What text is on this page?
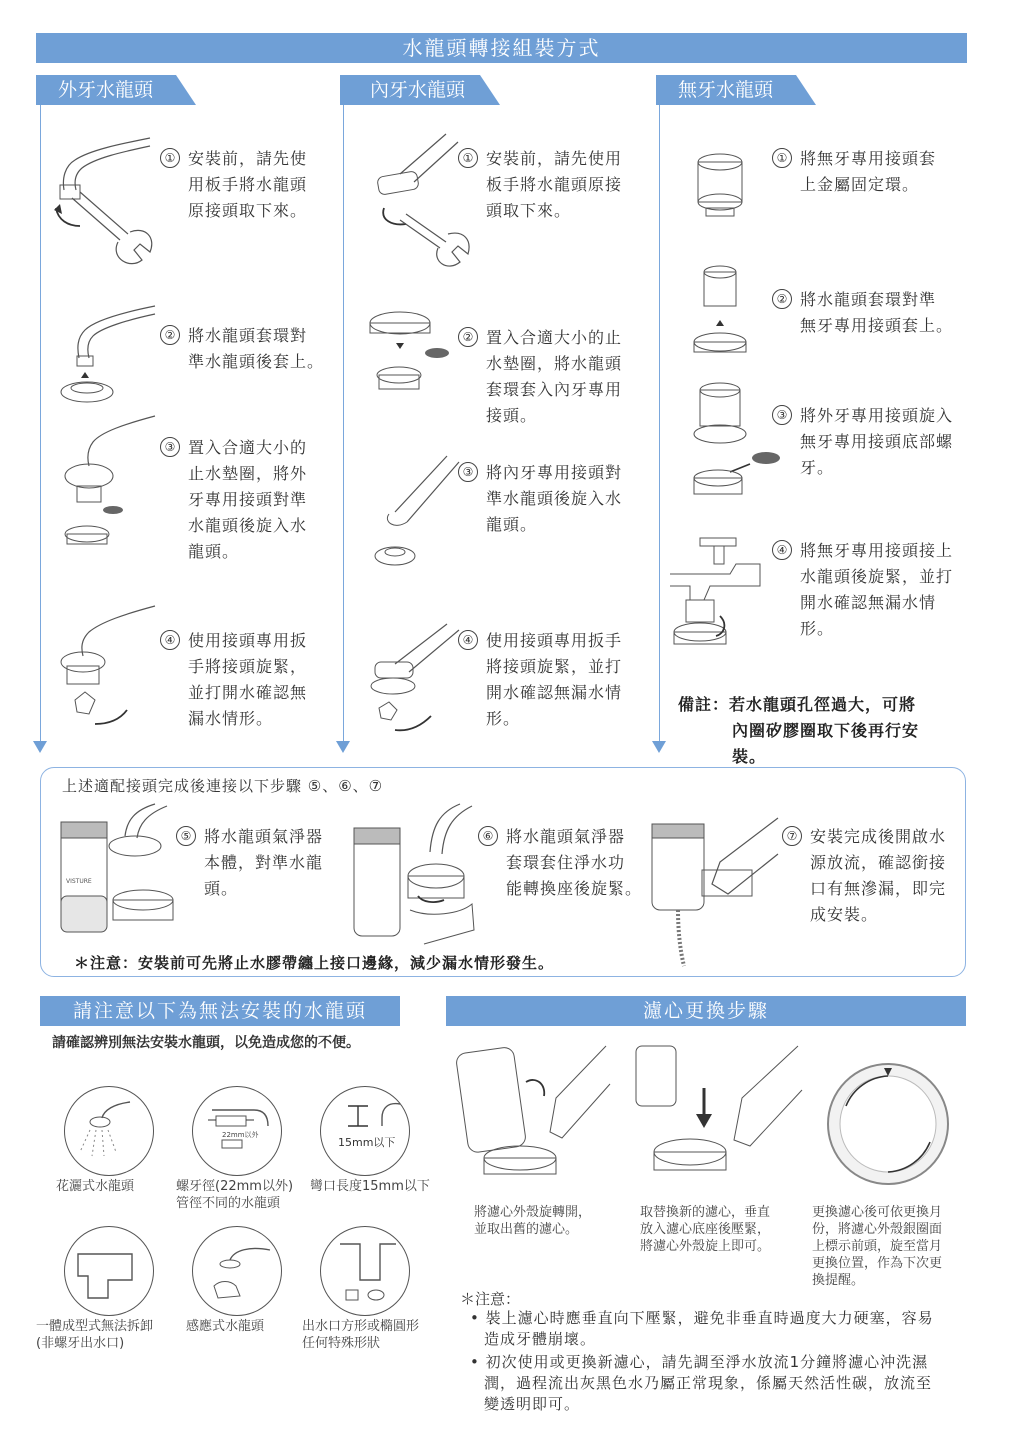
水龍頭轉接組裝方式
外牙水龍頭	內牙水龍頭	無牙水龍頭
① 安裝前，請先使
用板手將水龍頭
原接頭取下來。
② 將水龍頭套環對
準水龍頭後套上。
③ 置入合適大小的
止水墊圈，將外
牙專用接頭對準
水龍頭後旋入水
龍頭。
④ 使用接頭專用扳
手將接頭旋緊，
並打開水確認無
漏水情形。
① 安裝前，請先使用
板手將水龍頭原接
頭取下來。
② 置入合適大小的止
水墊圈，將水龍頭
套環套入內牙專用
接頭。
③ 將內牙專用接頭對
準水龍頭後旋入水
龍頭。
④ 使用接頭專用扳手
將接頭旋緊，並打
開水確認無漏水情
形。
① 將無牙專用接頭套
上金屬固定環。
② 將水龍頭套環對準
無牙專用接頭套上。
③ 將外牙專用接頭旋入
無牙專用接頭底部螺
牙。
④ 將無牙專用接頭接上
水龍頭後旋緊，並打
開水確認無漏水情
形。
備註：若水龍頭孔徑過大，可將
內圈矽膠圈取下後再行安
裝。
上述適配接頭完成後連接以下步驟 ⑤、⑥、⑦
VISTURE
⑤ 將水龍頭氣淨器
本體，對準水龍
頭。
⑥ 將水龍頭氣淨器
套環套住淨水功
能轉換座後旋緊。
⑦ 安裝完成後開啟水
源放流，確認銜接
口有無滲漏，即完
成安裝。
＊注意：安裝前可先將止水膠帶纏上接口邊緣，減少漏水情形發生。
請注意以下為無法安裝的水龍頭
請確認辨別無法安裝水龍頭，以免造成您的不便。
22mm以外
15mm以下
花灑式水龍頭	螺牙徑(22mm以外)
管徑不同的水龍頭
彎口長度15mm以下
一體成型式無法拆卸
(非螺牙出水口)
感應式水龍頭	出水口方形或橢圓形
任何特殊形狀
濾心更換步驟
將濾心外殼旋轉開，
並取出舊的濾心。
取替換新的濾心，垂直
放入濾心底座後壓緊，
將濾心外殼旋上即可。
更換濾心後可依更換月
份，將濾心外殼銀圈面
上標示前頭，旋至當月
更換位置，作為下次更
換提醒。
＊注意：
• 裝上濾心時應垂直向下壓緊，避免非垂直時過度大力硬塞，容易
造成牙體崩壞。
• 初次使用或更換新濾心，請先調至淨水放流1分鐘將濾心沖洗濕
潤，過程流出灰黑色水乃屬正常現象，係屬天然活性碳，放流至
變透明即可。
